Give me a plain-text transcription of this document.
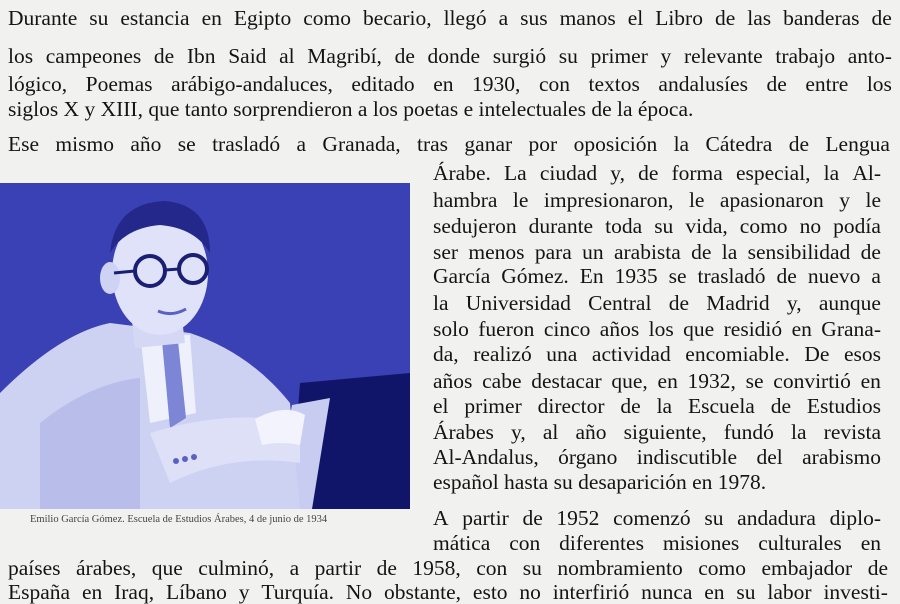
Durante su estancia en Egipto como becario, llegó a sus manos el Libro de las banderas de
los campeones de Ibn Said al Magribí, de donde surgió su primer y relevante trabajo anto-
lógico, Poemas arábigo-andaluces, editado en 1930, con textos andalusíes de entre los
siglos X y XIII, que tanto sorprendieron a los poetas e intelectuales de la época.
Ese mismo año se trasladó a Granada, tras ganar por oposición la Cátedra de Lengua
Árabe. La ciudad y, de forma especial, la Al-
hambra le impresionaron, le apasionaron y le
sedujeron durante toda su vida, como no podía
ser menos para un arabista de la sensibilidad de
García Gómez. En 1935 se trasladó de nuevo a
la Universidad Central de Madrid y, aunque
solo fueron cinco años los que residió en Grana-
da, realizó una actividad encomiable. De esos
años cabe destacar que, en 1932, se convirtió en
el primer director de la Escuela de Estudios
Árabes y, al año siguiente, fundó la revista
Al-Andalus, órgano indiscutible del arabismo
español hasta su desaparición en 1978.
A partir de 1952 comenzó su andadura diplo-
mática con diferentes misiones culturales en
países árabes, que culminó, a partir de 1958, con su nombramiento como embajador de
España en Iraq, Líbano y Turquía. No obstante, esto no interfirió nunca en su labor investi-
Emilio García Gómez. Escuela de Estudios Árabes, 4 de junio de 1934
